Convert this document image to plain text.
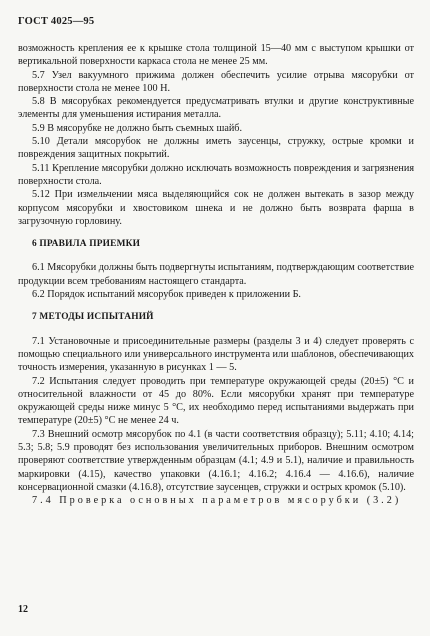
ГОСТ 4025—95

возможность крепления ее к крышке стола толщиной 15—40 мм с выступом крышки от вертикальной поверхности каркаса стола не менее 25 мм.

5.7 Узел вакуумного прижима должен обеспечить усилие отрыва мясорубки от поверхности стола не менее 100 Н.

5.8 В мясорубках рекомендуется предусматривать втулки и другие конструктивные элементы для уменьшения истирания металла.

5.9 В мясорубке не должно быть съемных шайб.

5.10 Детали мясорубок не должны иметь заусенцы, стружку, острые кромки и повреждения защитных покрытий.

5.11 Крепление мясорубки должно исключать возможность повреждения и загрязнения поверхности стола.

5.12 При измельчении мяса выделяющийся сок не должен вытекать в зазор между корпусом мясорубки и хвостовиком шнека и не должно быть возврата фарша в загрузочную горловину.

6 ПРАВИЛА ПРИЕМКИ

6.1 Мясорубки должны быть подвергнуты испытаниям, подтверждающим соответствие продукции всем требованиям настоящего стандарта.

6.2 Порядок испытаний мясорубок приведен к приложении Б.

7 МЕТОДЫ ИСПЫТАНИЙ

7.1 Установочные и присоединительные размеры (разделы 3 и 4) следует проверять с помощью специального или универсального инструмента или шаблонов, обеспечивающих точность измерения, указанную в рисунках 1 — 5.

7.2 Испытания следует проводить при температуре окружающей среды (20±5) °С и относительной влажности от 45 до 80%. Если мясорубки хранят при температуре окружающей среды ниже минус 5 °С, их необходимо перед испытаниями выдержать при температуре (20±5) °С не менее 24 ч.

7.3 Внешний осмотр мясорубок по 4.1 (в части соответствия образцу); 5.11; 4.10; 4.14; 5.3; 5.8; 5.9 проводят без использования увеличительных приборов. Внешним осмотром проверяют соответствие утвержденным образцам (4.1; 4.9 и 5.1), наличие и правильность маркировки (4.15), качество упаковки (4.16.1; 4.16.2; 4.16.4 — 4.16.6), наличие консервационной смазки (4.16.8), отсутствие заусенцев, стружки и острых кромок (5.10).

7.4 Проверка основных параметров мясорубки (3.2)

12
